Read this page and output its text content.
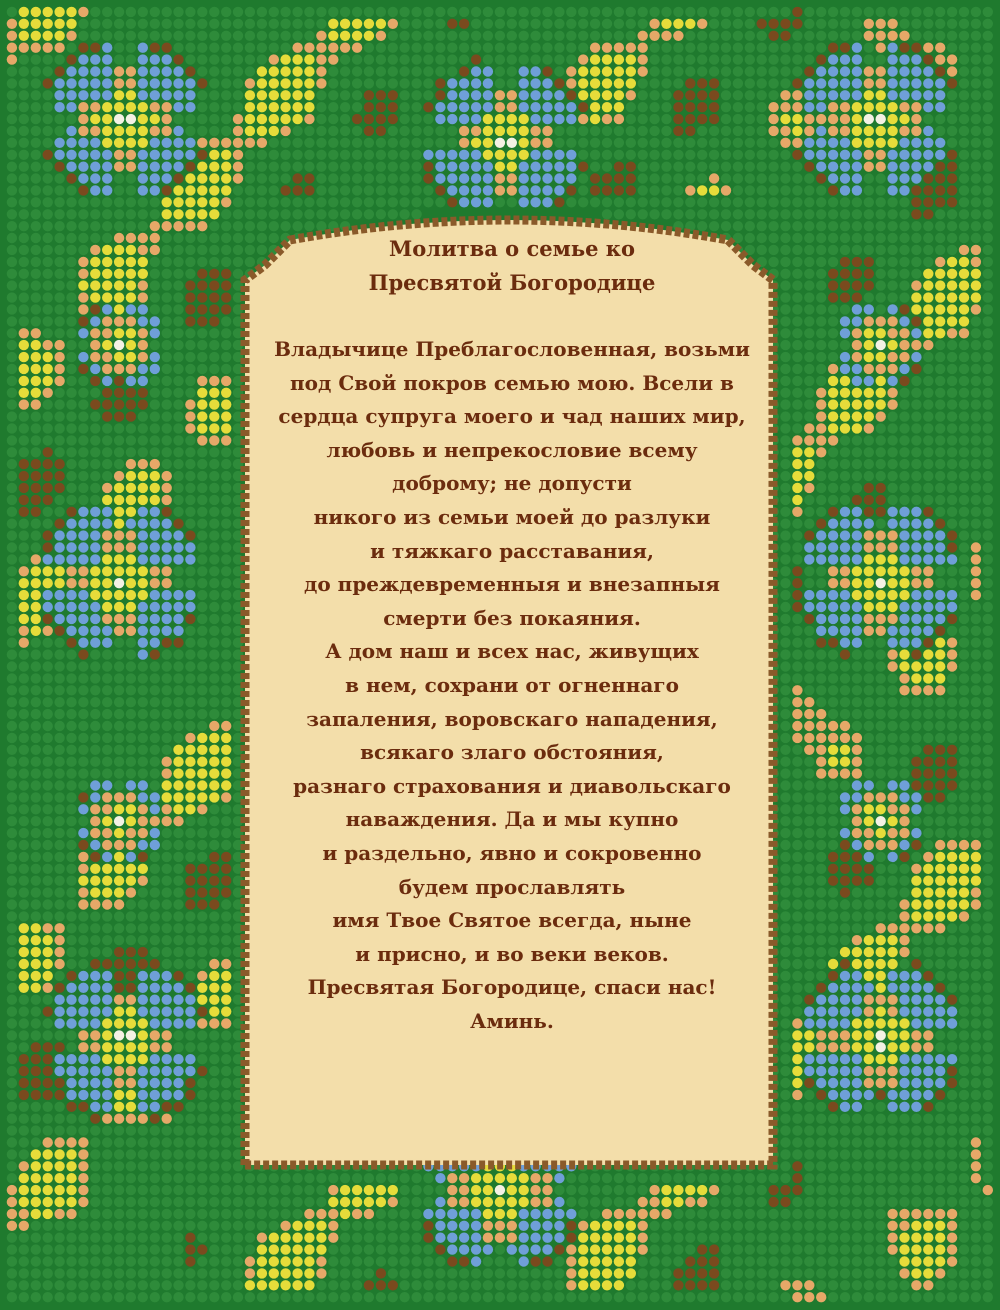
Молитва о семье ко
Пресвятой Богородице
Владычице Преблагословенная, возьми
под Свой покров семью мою. Всели в
сердца супруга моего и чад наших мир,
любовь и непрекословие всему
доброму; не допусти
никого из семьи моей до разлуки
и тяжкаго расставания,
до преждевременныя и внезапныя
смерти без покаяния.
А дом наш и всех нас, живущих
в нем, сохрани от огненнаго
запаления, воровскаго нападения,
всякаго злаго обстояния,
разнаго страхования и диавольскаго
наваждения. Да и мы купно
и раздельно, явно и сокровенно
будем прославлять
имя Твое Святое всегда, ныне
и присно, и во веки веков.
Пресвятая Богородице, спаси нас!
Аминь.
